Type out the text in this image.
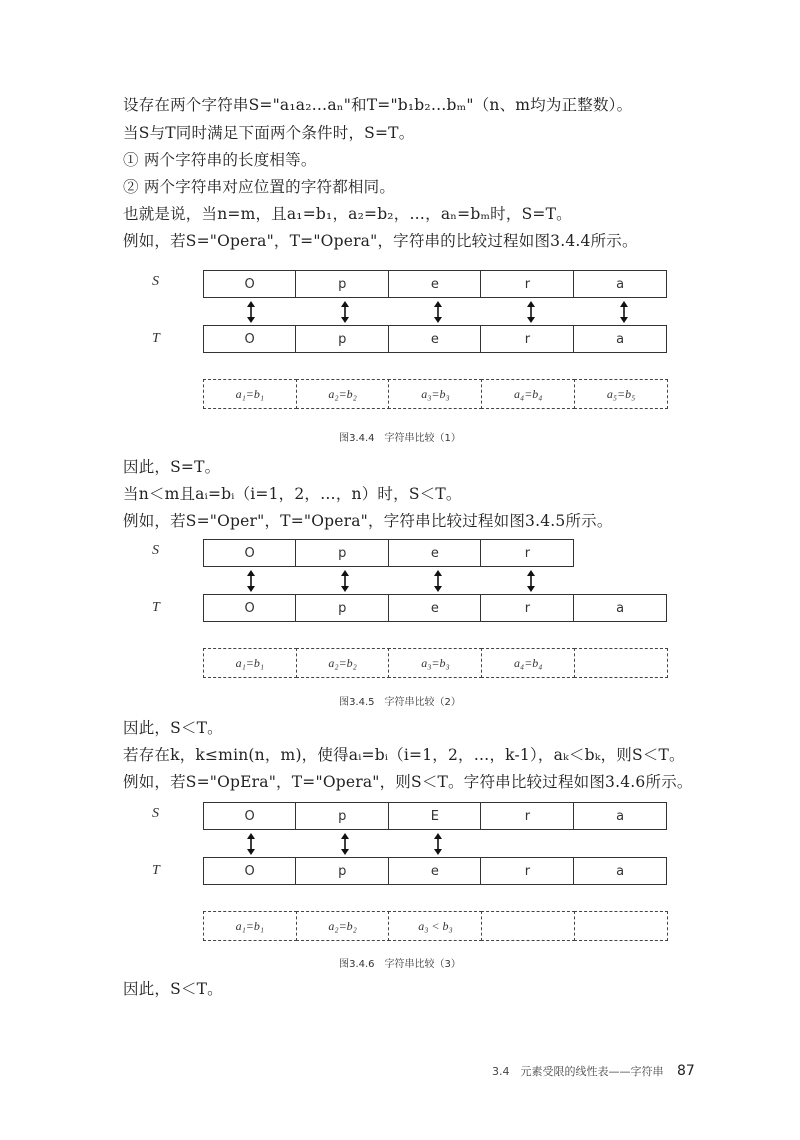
设存在两个字符串S="a₁a₂…aₙ"和T="b₁b₂…bₘ"（n、m均为正整数）。
当S与T同时满足下面两个条件时，S=T。
① 两个字符串的长度相等。
② 两个字符串对应位置的字符都相同。
也就是说，当n=m，且a₁=b₁，a₂=b₂，…，aₙ=bₘ时，S=T。
例如，若S="Opera"，T="Opera"，字符串的比较过程如图3.4.4所示。
S	O	p	e	r	a
T	O	p	e	r	a
a₁=b₁	a₂=b₂	a₃=b₃	a₄=b₄	a₅=b₅
图3.4.4　字符串比较（1）
因此，S=T。
当n＜m且aᵢ=bᵢ（i=1，2，…，n）时，S＜T。
例如，若S="Oper"，T="Opera"，字符串比较过程如图3.4.5所示。
S	O	p	e	r
T	O	p	e	r	a
a₁=b₁	a₂=b₂	a₃=b₃	a₄=b₄
图3.4.5　字符串比较（2）
因此，S＜T。
若存在k，k≤min(n，m)，使得aᵢ=bᵢ（i=1，2，…，k-1），aₖ＜bₖ，则S＜T。
例如，若S="OpEra"，T="Opera"，则S＜T。字符串比较过程如图3.4.6所示。
S	O	p	E	r	a
T	O	p	e	r	a
a₁=b₁	a₂=b₂	a₃ < b₃
图3.4.6　字符串比较（3）
因此，S＜T。
3.4　元素受限的线性表——字符串 87
